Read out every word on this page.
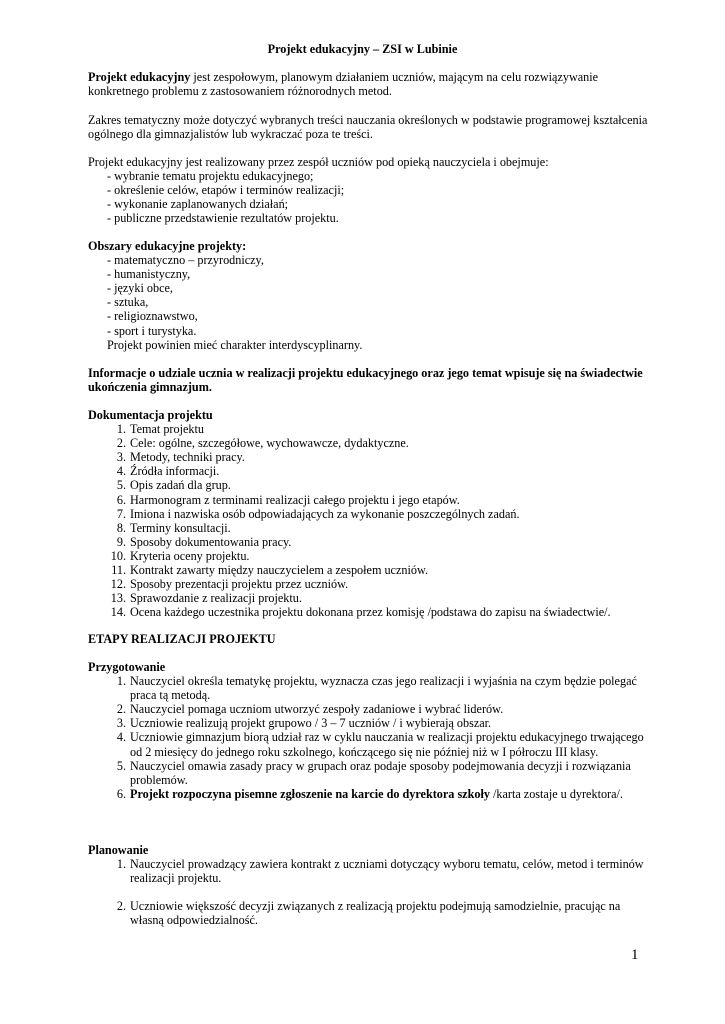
Projekt edukacyjny – ZSI w Lubinie
Projekt edukacyjny jest zespołowym, planowym działaniem uczniów, mającym na celu rozwiązywanie konkretnego problemu z zastosowaniem różnorodnych metod.
Zakres tematyczny może dotyczyć wybranych treści nauczania określonych w podstawie programowej kształcenia ogólnego dla gimnazjalistów lub wykraczać poza te treści.
Projekt edukacyjny jest realizowany przez zespół uczniów pod opieką nauczyciela i obejmuje:
- wybranie tematu projektu edukacyjnego;
- określenie celów, etapów i terminów realizacji;
- wykonanie zaplanowanych działań;
- publiczne przedstawienie rezultatów projektu.
Obszary edukacyjne projekty:
- matematyczno – przyrodniczy,
- humanistyczny,
- języki obce,
- sztuka,
- religioznawstwo,
- sport i turystyka.
Projekt powinien mieć charakter interdyscyplinarny.
Informacje o udziale ucznia w realizacji projektu edukacyjnego oraz jego temat wpisuje się na świadectwie ukończenia gimnazjum.
Dokumentacja projektu
1. Temat projektu
2. Cele: ogólne, szczegółowe, wychowawcze, dydaktyczne.
3. Metody, techniki pracy.
4. Źródła informacji.
5. Opis zadań dla grup.
6. Harmonogram z terminami realizacji całego projektu i jego etapów.
7. Imiona i nazwiska osób odpowiadających za wykonanie poszczególnych zadań.
8. Terminy konsultacji.
9. Sposoby dokumentowania pracy.
10. Kryteria oceny projektu.
11. Kontrakt zawarty między nauczycielem a zespołem uczniów.
12. Sposoby prezentacji projektu przez uczniów.
13. Sprawozdanie z realizacji projektu.
14. Ocena każdego uczestnika projektu dokonana przez komisję /podstawa do zapisu na świadectwie/.
ETAPY REALIZACJI PROJEKTU
Przygotowanie
1. Nauczyciel określa tematykę projektu, wyznacza czas jego realizacji i wyjaśnia na czym będzie polegać praca tą metodą.
2. Nauczyciel pomaga uczniom utworzyć zespoły zadaniowe i wybrać liderów.
3. Uczniowie realizują projekt grupowo / 3 – 7 uczniów / i wybierają obszar.
4. Uczniowie gimnazjum biorą udział raz w cyklu nauczania w realizacji projektu edukacyjnego trwającego od 2 miesięcy do jednego roku szkolnego, kończącego się nie później niż w I półroczu III klasy.
5. Nauczyciel omawia zasady pracy w grupach oraz podaje sposoby podejmowania decyzji i rozwiązania problemów.
6. Projekt rozpoczyna pisemne zgłoszenie na karcie do dyrektora szkoły /karta zostaje u dyrektora/.
Planowanie
1. Nauczyciel prowadzący zawiera kontrakt z uczniami dotyczący wyboru tematu, celów, metod i terminów realizacji projektu.
2. Uczniowie większość decyzji związanych z realizacją projektu podejmują samodzielnie, pracując na własną odpowiedzialność.
1
